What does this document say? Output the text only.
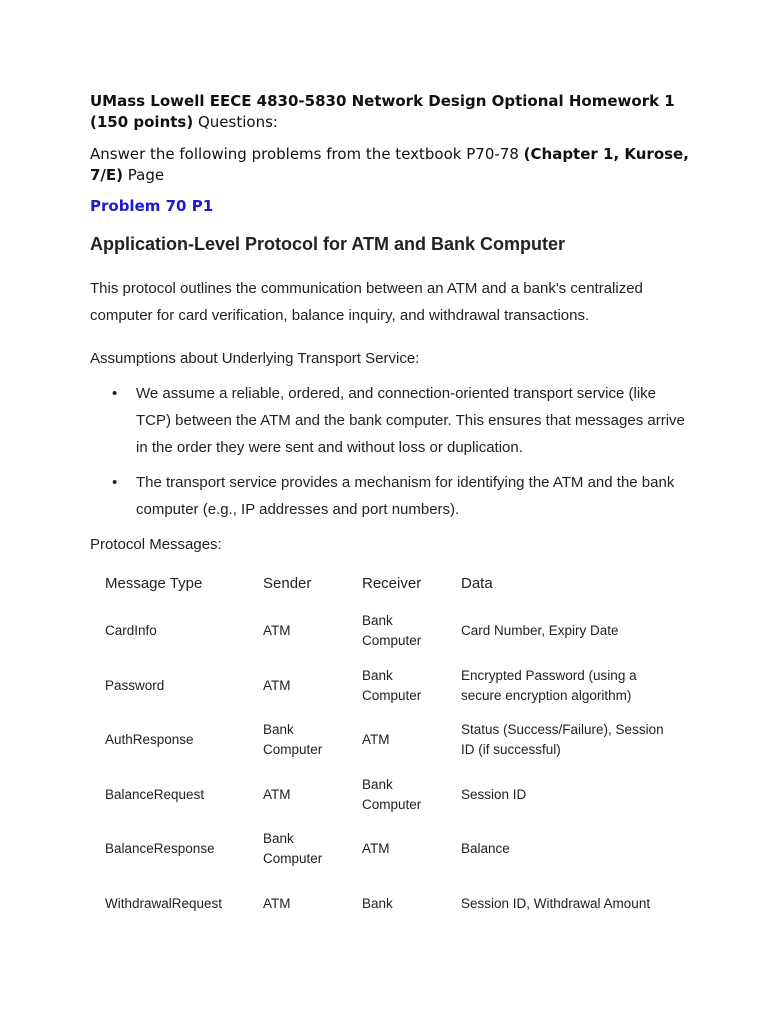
UMass Lowell EECE 4830-5830 Network Design Optional Homework 1 (150 points) Questions:
Answer the following problems from the textbook P70-78 (Chapter 1, Kurose, 7/E) Page
Problem 70 P1
Application-Level Protocol for ATM and Bank Computer
This protocol outlines the communication between an ATM and a bank's centralized computer for card verification, balance inquiry, and withdrawal transactions.
Assumptions about Underlying Transport Service:
• We assume a reliable, ordered, and connection-oriented transport service (like TCP) between the ATM and the bank computer. This ensures that messages arrive in the order they were sent and without loss or duplication.
• The transport service provides a mechanism for identifying the ATM and the bank computer (e.g., IP addresses and port numbers).
Protocol Messages:
Message Type	Sender	Receiver	Data
CardInfo	ATM	Bank Computer	Card Number, Expiry Date
Password	ATM	Bank Computer	Encrypted Password (using a secure encryption algorithm)
AuthResponse	Bank Computer	ATM	Status (Success/Failure), Session ID (if successful)
BalanceRequest	ATM	Bank Computer	Session ID
BalanceResponse	Bank Computer	ATM	Balance
WithdrawalRequest	ATM	Bank	Session ID, Withdrawal Amount
